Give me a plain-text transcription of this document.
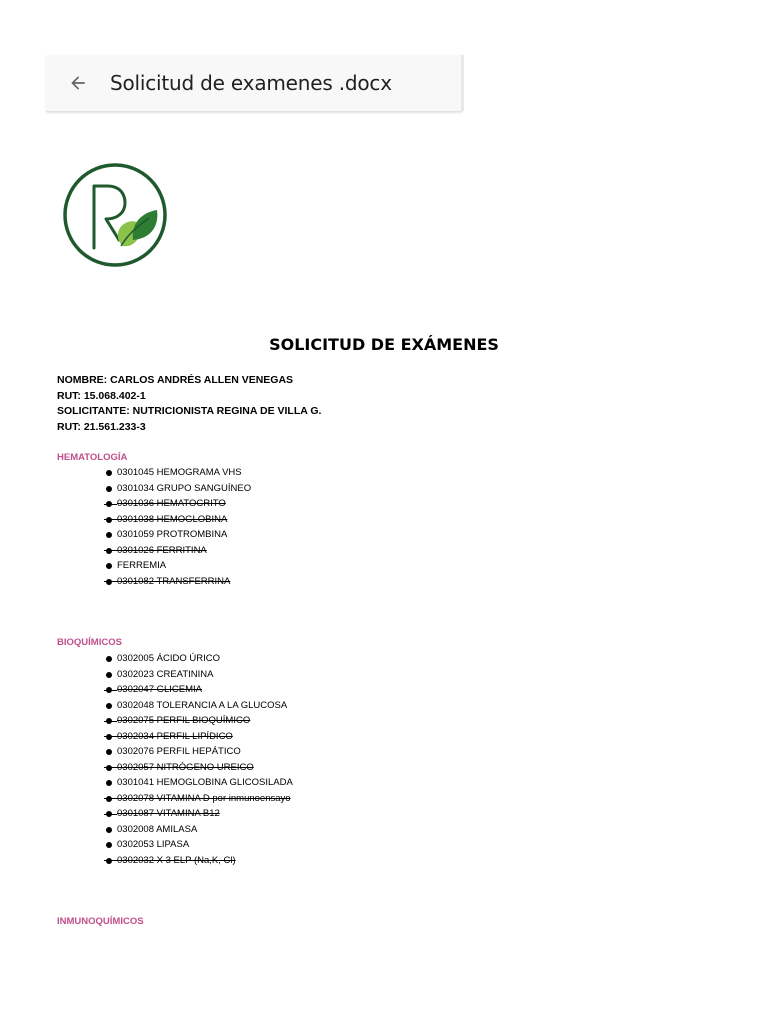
Solicitud de examenes .docx
SOLICITUD DE EXÁMENES
NOMBRE: CARLOS ANDRÉS ALLEN VENEGAS
RUT: 15.068.402-1
SOLICITANTE: NUTRICIONISTA REGINA DE VILLA G.
RUT: 21.561.233-3
HEMATOLOGÍA
0301045 HEMOGRAMA VHS
0301034 GRUPO SANGUÍNEO
0301036 HEMATOCRITO
0301038 HEMOGLOBINA
0301059 PROTROMBINA
0301026 FERRITINA
FERREMIA
0301082 TRANSFERRINA
BIOQUÍMICOS
0302005 ÁCIDO ÚRICO
0302023 CREATININA
0302047 GLICEMIA
0302048 TOLERANCIA A LA GLUCOSA
0302075 PERFIL BIOQUÍMICO
0302034 PERFIL LIPÍDICO
0302076 PERFIL HEPÁTICO
0302057 NITRÓGENO UREICO
0301041 HEMOGLOBINA GLICOSILADA
0302078 VITAMINA D por inmunoensayo
0301087 VITAMINA B12
0302008 AMILASA
0302053 LIPASA
0302032 X 3 ELP (Na,K, Cl)
INMUNOQUÍMICOS
